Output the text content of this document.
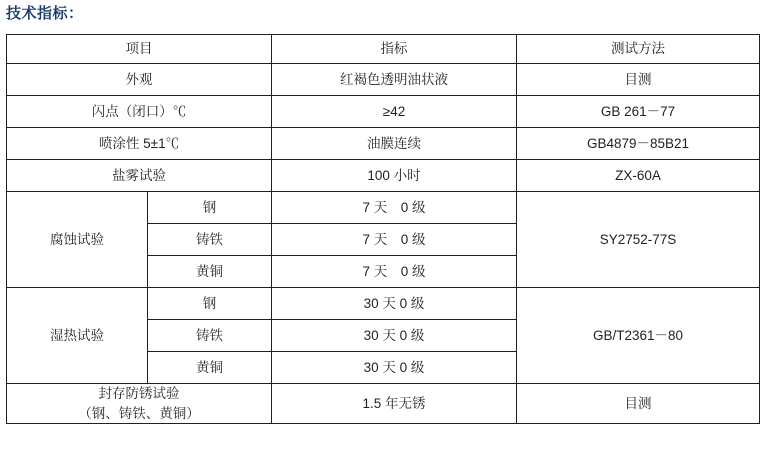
技术指标：
项目		指标	测试方法
外观		红褐色透明油状液	目测
闪点（闭口）℃		≥42	GB 261－77
喷涂性 5±1℃		油膜连续	GB4879－85B21
盐雾试验		100 小时	ZX-60A
腐蚀试验	钢	7 天　0 级	SY2752-77S
	铸铁	7 天　0 级	
	黄铜	7 天　0 级	
湿热试验	钢	30 天 0 级	GB/T2361－80
	铸铁	30 天 0 级	
	黄铜	30 天 0 级	

封存防锈试验
（钢、铸铁、黄铜）		1.5 年无锈	目测
